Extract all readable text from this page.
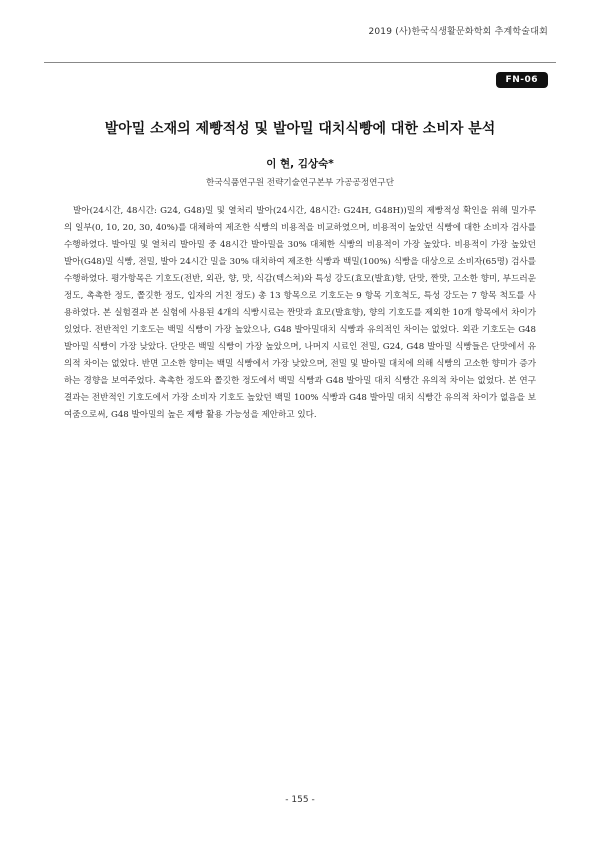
2019 (사)한국식생활문화학회 추계학술대회
FN-06
발아밀 소재의 제빵적성 및 발아밀 대치식빵에 대한 소비자 분석
이 현, 김상숙*
한국식품연구원 전략기술연구본부 가공공정연구단

발아(24시간, 48시간: G24, G48)밀 및 열처리 발아(24시간, 48시간: G24H, G48H))밀의 제빵적성 확인을 위해 밀가루의 일부(0, 10, 20, 30, 40%)를 대체하여 제조한 식빵의 비용적을 비교하였으며, 비용적이 높았던 식빵에 대한 소비자 검사를 수행하였다. 발아밀 및 열처리 발아밀 중 48시간 발아밀을 30% 대체한 식빵의 비용적이 가장 높았다. 비용적이 가장 높았던 발아(G48)밀 식빵, 전밀, 발아 24시간 밀을 30% 대치하여 제조한 식빵과 백밀(100%) 식빵을 대상으로 소비자(65명) 검사를 수행하였다. 평가항목은 기호도(전반, 외관, 향, 맛, 식감(텍스쳐)와 특성 강도(효모(발효)향, 단맛, 짠맛, 고소한 향미, 부드러운 정도, 촉촉한 정도, 쫄깃한 정도, 입자의 거친 정도) 총 13 항목으로 기호도는 9 항목 기호척도, 특성 강도는 7 항목 척도를 사용하였다. 본 실험결과 본 실험에 사용된 4개의 식빵시료는 짠맛과 효모(발효향), 향의 기호도를 제외한 10개 항목에서 차이가 있었다. 전반적인 기호도는 백밀 식빵이 가장 높았으나, G48 발아밀대치 식빵과 유의적인 차이는 없었다. 외관 기호도는 G48 발아밀 식빵이 가장 낮았다. 단맛은 백밀 식빵이 가장 높았으며, 나머지 시료인 전밀, G24, G48 발아밀 식빵들은 단맛에서 유의적 차이는 없었다. 반면 고소한 향미는 백밀 식빵에서 가장 낮았으며, 전밀 및 발아밀 대치에 의해 식빵의 고소한 향미가 증가하는 경향을 보여주었다. 촉촉한 정도와 쫄깃한 정도에서 백밀 식빵과 G48 발아밀 대치 식빵간 유의적 차이는 없었다. 본 연구결과는 전반적인 기호도에서 가장 소비자 기호도 높았던 백밀 100% 식빵과 G48 발아밀 대치 식빵간 유의적 차이가 없음을 보여줌으로써, G48 발아밀의 높은 제빵 활용 가능성을 제안하고 있다.

- 155 -
